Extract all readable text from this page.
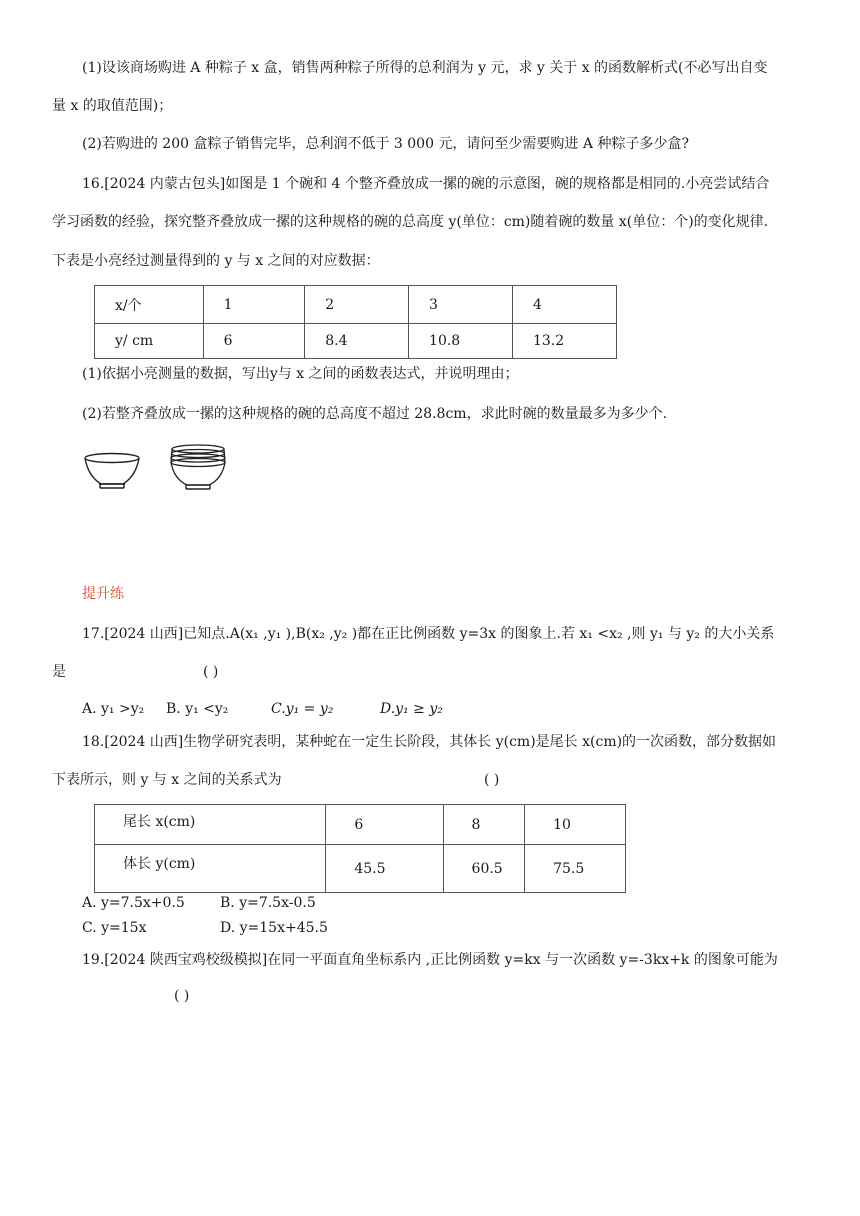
(1)设该商场购进 A 种粽子 x 盒，销售两种粽子所得的总利润为 y 元，求 y 关于 x 的函数解析式(不必写出自变
量 x 的取值范围)；
(2)若购进的 200 盒粽子销售完毕，总利润不低于 3 000 元，请问至少需要购进 A 种粽子多少盒?
16.[2024 内蒙古包头]如图是 1 个碗和 4 个整齐叠放成一摞的碗的示意图，碗的规格都是相同的.小亮尝试结合
学习函数的经验，探究整齐叠放成一摞的这种规格的碗的总高度 y(单位：cm)随着碗的数量 x(单位：个)的变化规律.
下表是小亮经过测量得到的 y 与 x 之间的对应数据：
x/个	1	2	3	4
y/ cm	6	8.4	10.8	13.2
(1)依据小亮测量的数据，写出y与 x 之间的函数表达式，并说明理由；
(2)若整齐叠放成一摞的这种规格的碗的总高度不超过 28.8cm，求此时碗的数量最多为多少个.
提升练
17.[2024 山西]已知点.A(x₁ ,y₁ ),B(x₂ ,y₂ )都在正比例函数 y=3x 的图象上.若 x₁ <x₂ ,则 y₁ 与 y₂ 的大小关系
是	( )
A. y₁ >y₂ B. y₁ <y₂	C.y₁ = y₂	D.y₁ ≥ y₂
18.[2024 山西]生物学研究表明，某种蛇在一定生长阶段，其体长 y(cm)是尾长 x(cm)的一次函数，部分数据如
下表所示，则 y 与 x 之间的关系式为	( )
尾长 x(cm)	6	8	10
体长 y(cm)	45.5	60.5	75.5
A. y=7.5x+0.5	B. y=7.5x-0.5
C. y=15x	D. y=15x+45.5
19.[2024 陕西宝鸡校级模拟]在同一平面直角坐标系内 ,正比例函数 y=kx 与一次函数 y=-3kx+k 的图象可能为
( )
